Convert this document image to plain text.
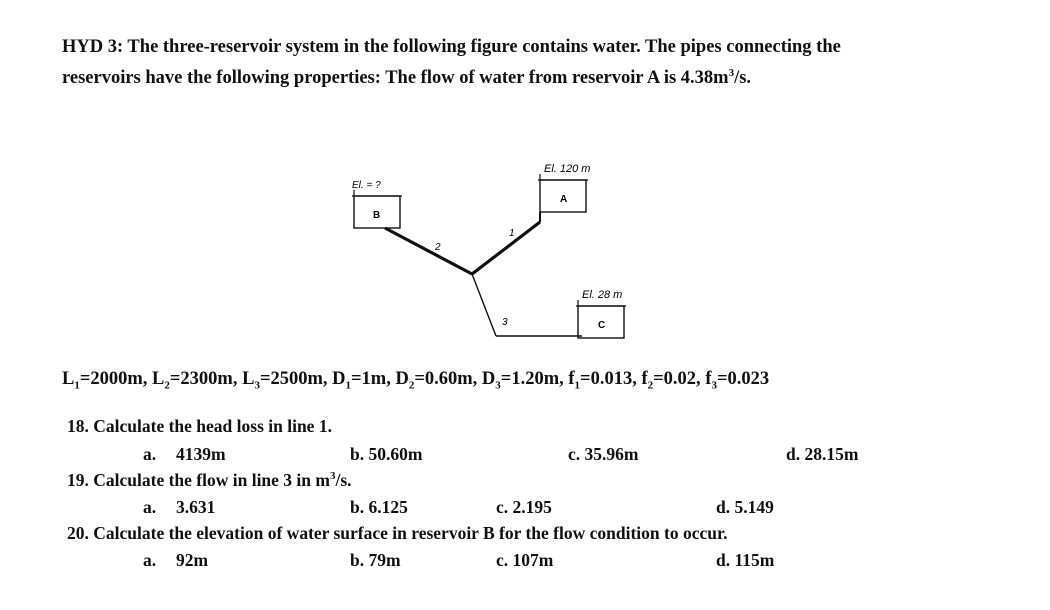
HYD 3: The three-reservoir system in the following figure contains water. The pipes connecting the
reservoirs have the following properties: The flow of water from reservoir A is $4.38m^3/s$.
El. 120 m
A
El. = ?
B
El. 28 m
C
1
2
3
$L_1=2000m$, $L_2=2300m$, $L_3=2500m$, $D_1=1m$, $D_2=0.60m$, $D_3=1.20m$, $f_1=0.013$, $f_2=0.02$, $f_3=0.023$
18. Calculate the head loss in line 1.
a. 4139m	b. 50.60m	c. 35.96m	d. 28.15m
19. Calculate the flow in line 3 in $m^3/s$.
a. 3.631	b. 6.125	c. 2.195	d. 5.149
20. Calculate the elevation of water surface in reservoir B for the flow condition to occur.
a. 92m	b. 79m	c. 107m	d. 115m
